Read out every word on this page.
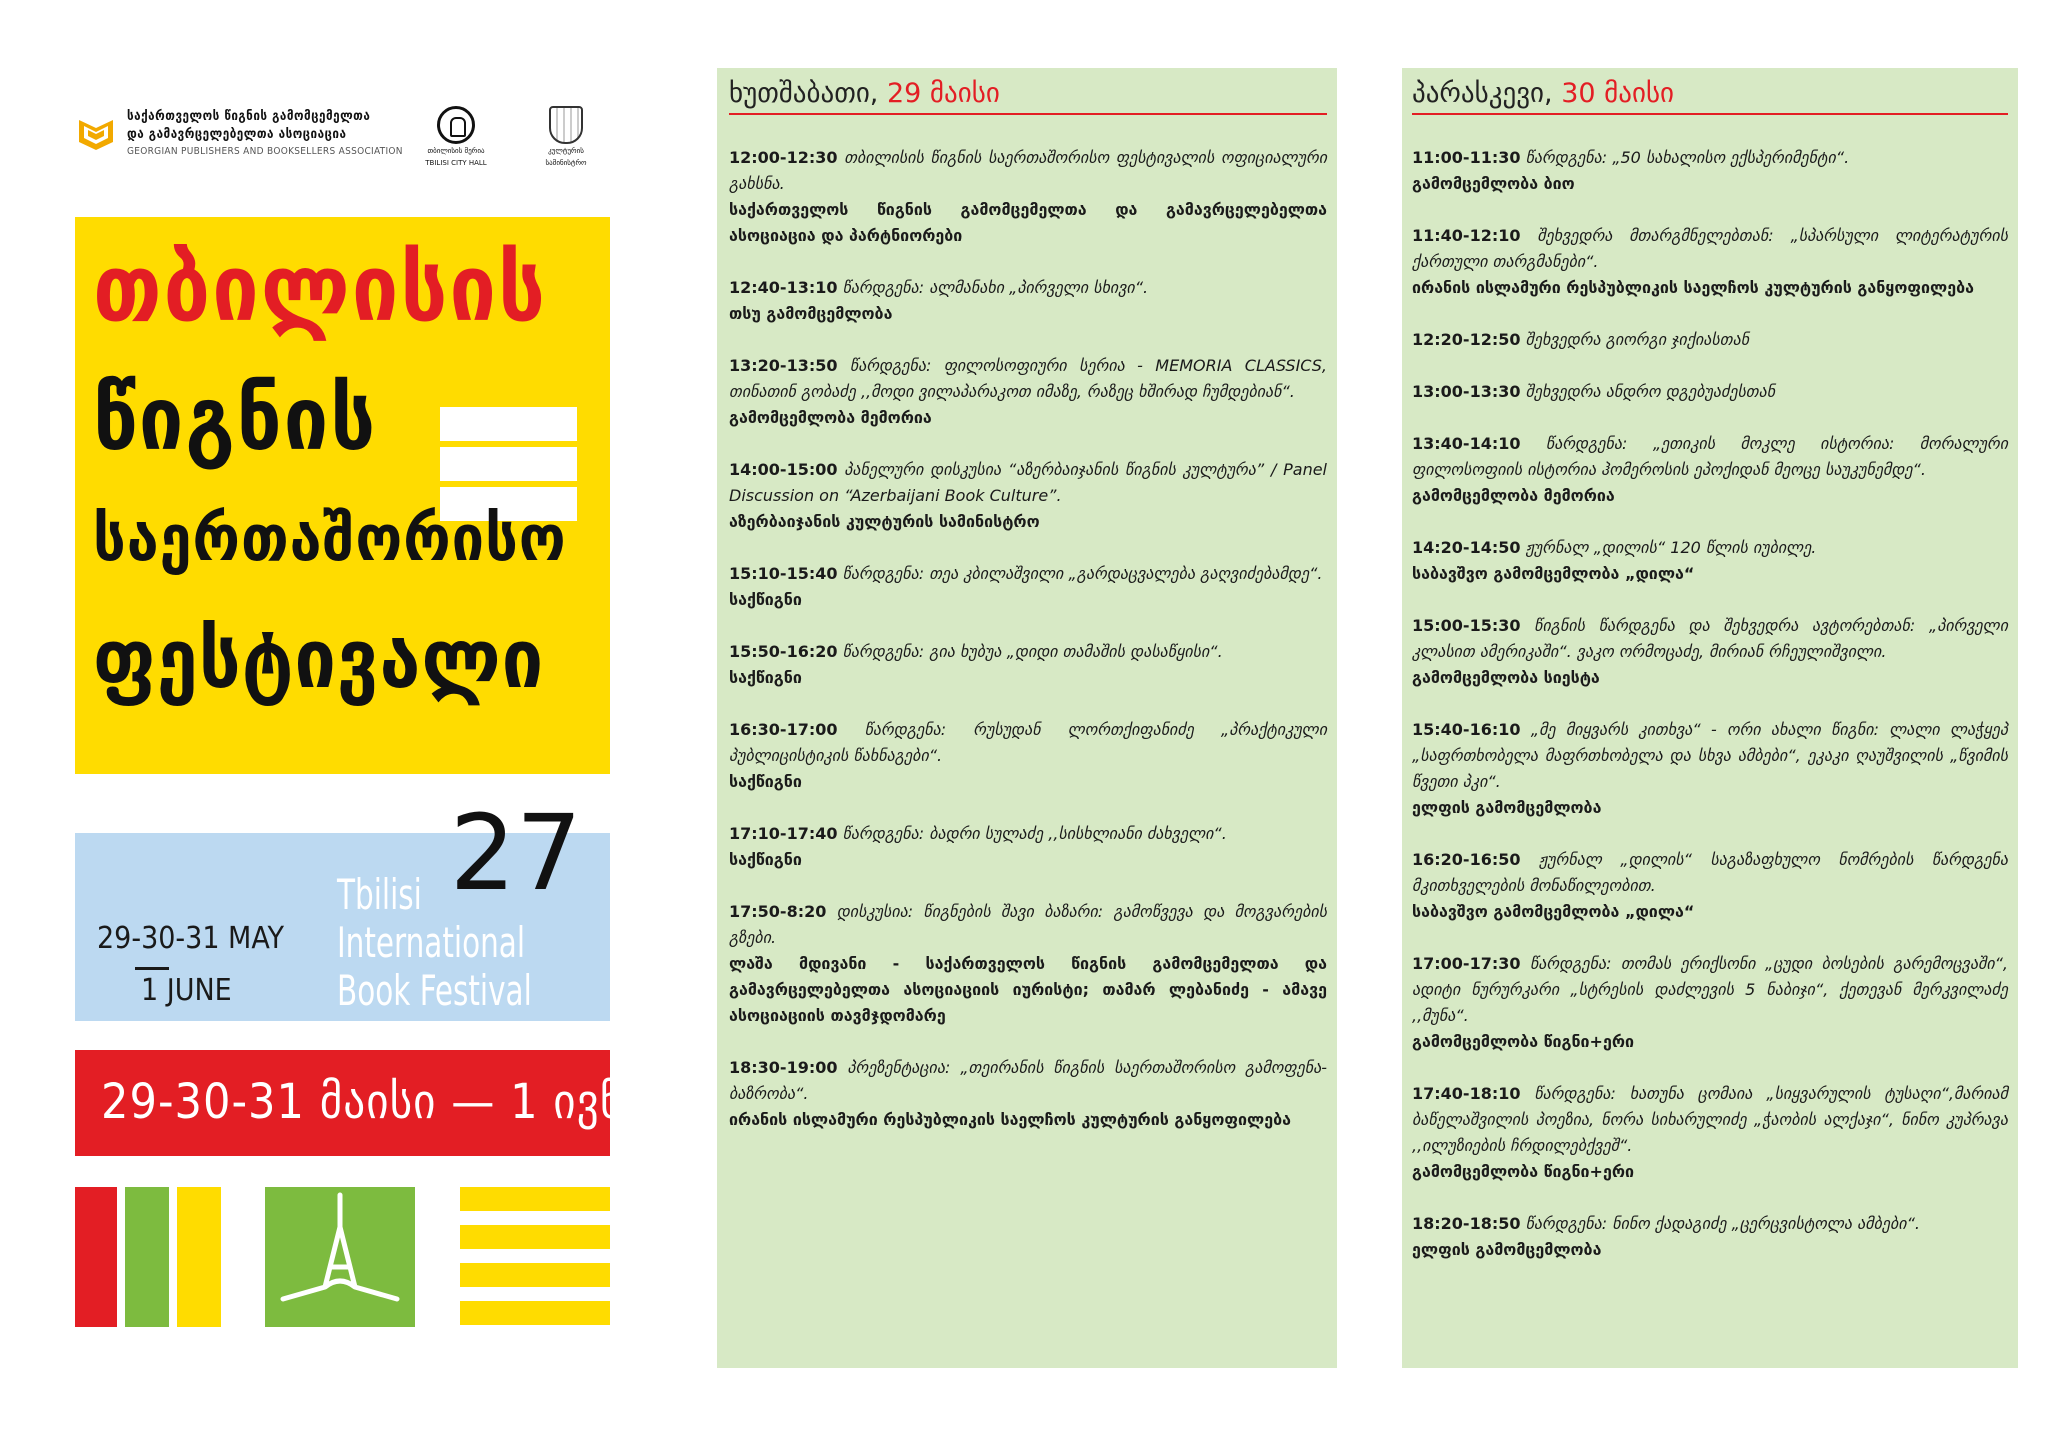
საქართველოს წიგნის გამომცემელთა
და გამავრცელებელთა ასოციაცია
GEORGIAN PUBLISHERS AND BOOKSELLERS ASSOCIATION	თბილისის მერია
TBILISI CITY HALL
კულტურის
სამინისტრო
თბილისის
წიგნის
საერთაშორისო
ფესტივალი
27
Tbilisi
International
Book Festival
29-30-31 MAY
1 JUNE
29-30-31 მაისი — 1 ივნისი
ხუთშაბათი, 29 მაისი
12:00-12:30 თბილისის წიგნის საერთაშორისო ფესტივალის ოფიციალური გახსნა.
საქართველოს წიგნის გამომცემელთა და გამავრცელებელთა ასოციაცია და პარტნიორები
12:40-13:10 წარდგენა: ალმანახი „პირველი სხივი“.
თსუ გამომცემლობა
13:20-13:50 წარდგენა: ფილოსოფიური სერია - MEMORIA CLASSICS, თინათინ გობაძე ,,მოდი ვილაპარაკოთ იმაზე, რაზეც ხშირად ჩუმდებიან“.
გამომცემლობა მემორია
14:00-15:00 პანელური დისკუსია “აზერბაიჯანის წიგნის კულტურა” / Panel Discussion on “Azerbaijani Book Culture”.
აზერბაიჯანის კულტურის სამინისტრო
15:10-15:40 წარდგენა: თეა კბილაშვილი „გარდაცვალება გაღვიძებამდე“.
საქწიგნი
15:50-16:20 წარდგენა: გია ხუბუა „დიდი თამაშის დასაწყისი“.
საქწიგნი
16:30-17:00 წარდგენა: რუსუდან ლორთქიფანიძე „პრაქტიკული პუბლიცისტიკის წახნაგები“.
საქწიგნი
17:10-17:40 წარდგენა: ბადრი სულაძე ,,სისხლიანი ძახველი“.
საქწიგნი
17:50-8:20 დისკუსია: წიგნების შავი ბაზარი: გამოწვევა და მოგვარების გზები.
ლაშა მდივანი - საქართველოს წიგნის გამომცემელთა და გამავრცელებელთა ასოციაციის იურისტი; თამარ ლებანიძე - ამავე ასოციაციის თავმჯდომარე
18:30-19:00 პრეზენტაცია: „თეირანის წიგნის საერთაშორისო გამოფენა-ბაზრობა“.
ირანის ისლამური რესპუბლიკის საელჩოს კულტურის განყოფილება
პარასკევი, 30 მაისი
11:00-11:30 წარდგენა: „50 სახალისო ექსპერიმენტი“.
გამომცემლობა ბიო
11:40-12:10 შეხვედრა მთარგმნელებთან: „სპარსული ლიტერატურის ქართული თარგმანები“.
ირანის ისლამური რესპუბლიკის საელჩოს კულტურის განყოფილება
12:20-12:50 შეხვედრა გიორგი ჯიქიასთან
13:00-13:30 შეხვედრა ანდრო დგებუაძესთან
13:40-14:10 წარდგენა: „ეთიკის მოკლე ისტორია: მორალური ფილოსოფიის ისტორია ჰომეროსის ეპოქიდან მეოცე საუკუნემდე“.
გამომცემლობა მემორია
14:20-14:50 ჟურნალ „დილის“ 120 წლის იუბილე.
საბავშვო გამომცემლობა „დილა“
15:00-15:30 წიგნის წარდგენა და შეხვედრა ავტორებთან: „პირველი კლასით ამერიკაში“. ვაკო ორმოცაძე, მირიან რჩეულიშვილი.
გამომცემლობა სიესტა
15:40-16:10 „მე მიყვარს კითხვა“ - ორი ახალი წიგნი: ლალი ლაჭყეპ „საფრთხობელა მაფრთხობელა და სხვა ამბები“, ეკაკი ღაუშვილის „წვიმის წვეთი პკი“.
ელფის გამომცემლობა
16:20-16:50 ჟურნალ „დილის“ საგაზაფხულო ნომრების წარდგენა მკითხველების მონაწილეობით.
საბავშვო გამომცემლობა „დილა“
17:00-17:30 წარდგენა: თომას ერიქსონი „ცუდი ბოსების გარემოცვაში“, ადიტი ნურურკარი „სტრესის დაძლევის 5 ნაბიჯი“, ქეთევან მერკვილაძე ,,მუნა“.
გამომცემლობა წიგნი+ერი
17:40-18:10 წარდგენა: ხათუნა ცომაია „სიყვარულის ტუსაღი“,მარიამ ბაწელაშვილის პოეზია, ნორა სიხარულიძე „ჭაობის ალქაჯი“, ნინო კუპრავა ,,ილუზიების ჩრდილებქვეშ“.
გამომცემლობა წიგნი+ერი
18:20-18:50 წარდგენა: ნინო ქადაგიძე „ცერცვისტოლა ამბები“.
ელფის გამომცემლობა
